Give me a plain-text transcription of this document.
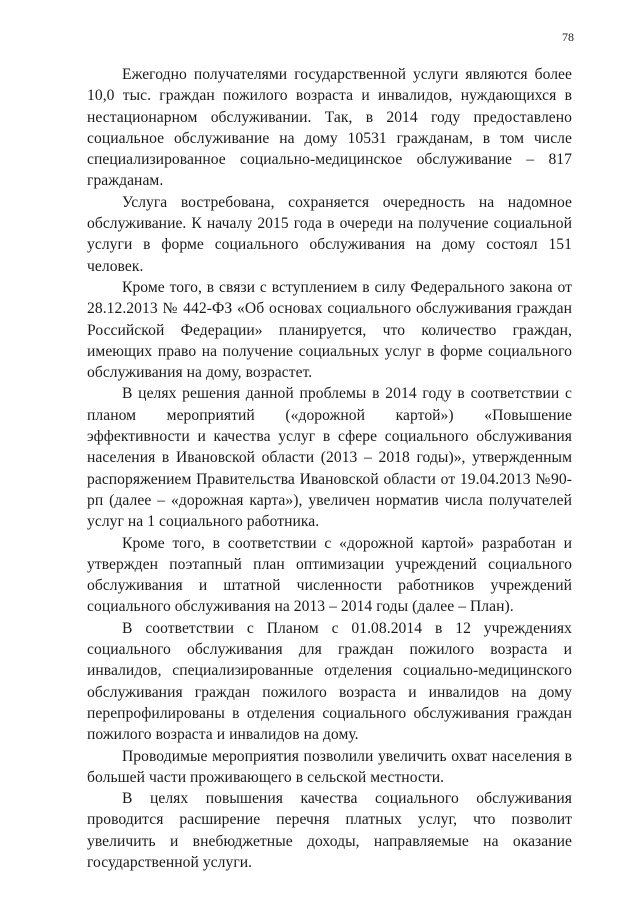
78

Ежегодно получателями государственной услуги являются более 10,0 тыс. граждан пожилого возраста и инвалидов, нуждающихся в нестационарном обслуживании. Так, в 2014 году предоставлено социальное обслуживание на дому 10531 гражданам, в том числе специализированное социально-медицинское обслуживание – 817 гражданам.

Услуга востребована, сохраняется очередность на надомное обслуживание. К началу 2015 года в очереди на получение социальной услуги в форме социального обслуживания на дому состоял 151 человек.

Кроме того, в связи с вступлением в силу Федерального закона от 28.12.2013 № 442-ФЗ «Об основах социального обслуживания граждан Российской Федерации» планируется, что количество граждан, имеющих право на получение социальных услуг в форме социального обслуживания на дому, возрастет.

В целях решения данной проблемы в 2014 году в соответствии с планом мероприятий («дорожной картой») «Повышение эффективности и качества услуг в сфере социального обслуживания населения в Ивановской области (2013 – 2018 годы)», утвержденным распоряжением Правительства Ивановской области от 19.04.2013 №90-рп (далее – «дорожная карта»), увеличен норматив числа получателей услуг на 1 социального работника.

Кроме того, в соответствии с «дорожной картой» разработан и утвержден поэтапный план оптимизации учреждений социального обслуживания и штатной численности работников учреждений социального обслуживания на 2013 – 2014 годы (далее – План).

В соответствии с Планом с 01.08.2014 в 12 учреждениях социального обслуживания для граждан пожилого возраста и инвалидов, специализированные отделения социально-медицинского обслуживания граждан пожилого возраста и инвалидов на дому перепрофилированы в отделения социального обслуживания граждан пожилого возраста и инвалидов на дому.

Проводимые мероприятия позволили увеличить охват населения в большей части проживающего в сельской местности.

В целях повышения качества социального обслуживания проводится расширение перечня платных услуг, что позволит увеличить и внебюджетные доходы, направляемые на оказание государственной услуги.
